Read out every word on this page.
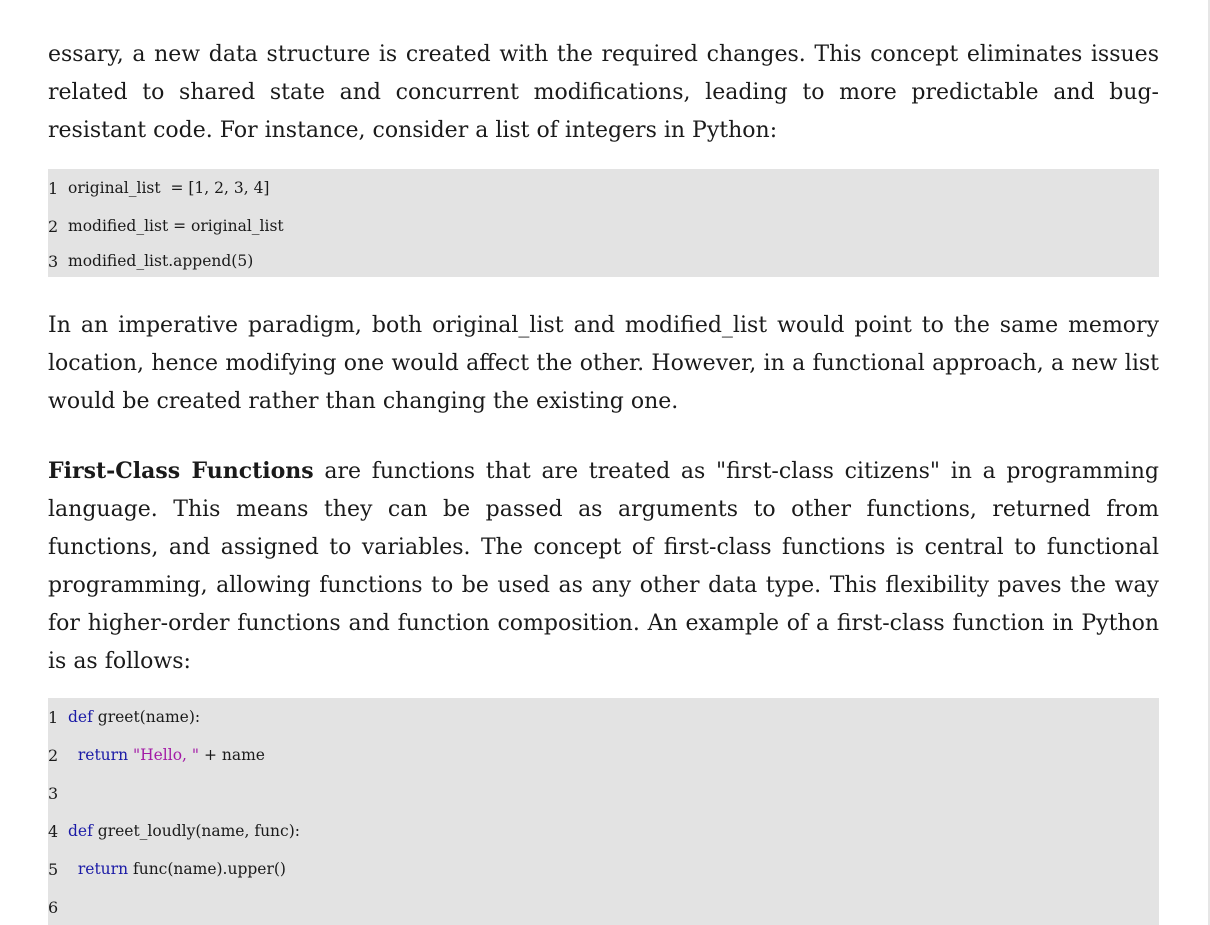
essary, a new data structure is created with the required changes. This concept eliminates issues related to shared state and concurrent modifications, leading to more predictable and bug-resistant code. For instance, consider a list of integers in Python:

1 original_list  = [1, 2, 3, 4]
2 modified_list = original_list
3 modified_list.append(5)

In an imperative paradigm, both original_list and modified_list would point to the same memory location, hence modifying one would affect the other. However, in a functional approach, a new list would be created rather than changing the existing one.

First-Class Functions are functions that are treated as "first-class citizens" in a programming language. This means they can be passed as arguments to other functions, returned from functions, and assigned to variables. The concept of first-class functions is central to functional programming, allowing functions to be used as any other data type. This flexibility paves the way for higher-order functions and function composition. An example of a first-class function in Python is as follows:

1 def greet(name):
2
	return "Hello, " + name
3
4 def greet_loudly(name, func):
5
	return func(name).upper()
6
